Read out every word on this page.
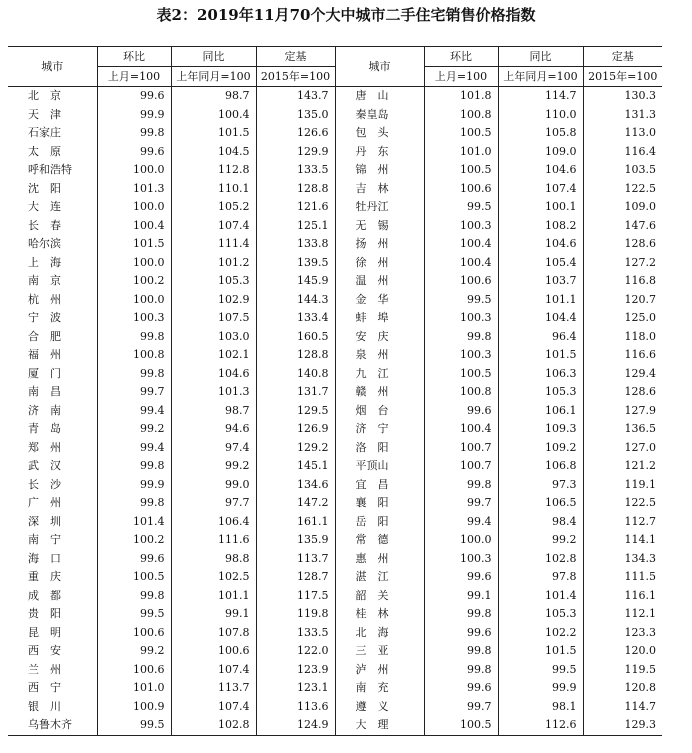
表2：2019年11月70个大中城市二手住宅销售价格指数
城市	环比	同比	定基	城市	环比	同比	定基
	上月=100	上年同月=100	2015年=100		上月=100	上年同月=100	2015年=100
北　京	99.6	98.7	143.7	唐　山	101.8	114.7	130.3
天　津	99.9	100.4	135.0	秦皇岛	100.8	110.0	131.3
石家庄	99.8	101.5	126.6	包　头	100.5	105.8	113.0
太　原	99.6	104.5	129.9	丹　东	101.0	109.0	116.4
呼和浩特	100.0	112.8	133.5	锦　州	100.5	104.6	103.5
沈　阳	101.3	110.1	128.8	吉　林	100.6	107.4	122.5
大　连	100.0	105.2	121.6	牡丹江	99.5	100.1	109.0
长　春	100.4	107.4	125.1	无　锡	100.3	108.2	147.6
哈尔滨	101.5	111.4	133.8	扬　州	100.4	104.6	128.6
上　海	100.0	101.2	139.5	徐　州	100.4	105.4	127.2
南　京	100.2	105.3	145.9	温　州	100.6	103.7	116.8
杭　州	100.0	102.9	144.3	金　华	99.5	101.1	120.7
宁　波	100.3	107.5	133.4	蚌　埠	100.3	104.4	125.0
合　肥	99.8	103.0	160.5	安　庆	99.8	96.4	118.0
福　州	100.8	102.1	128.8	泉　州	100.3	101.5	116.6
厦　门	99.8	104.6	140.8	九　江	100.5	106.3	129.4
南　昌	99.7	101.3	131.7	赣　州	100.8	105.3	128.6
济　南	99.4	98.7	129.5	烟　台	99.6	106.1	127.9
青　岛	99.2	94.6	126.9	济　宁	100.4	109.3	136.5
郑　州	99.4	97.4	129.2	洛　阳	100.7	109.2	127.0
武　汉	99.8	99.2	145.1	平顶山	100.7	106.8	121.2
长　沙	99.9	99.0	134.6	宜　昌	99.8	97.3	119.1
广　州	99.8	97.7	147.2	襄　阳	99.7	106.5	122.5
深　圳	101.4	106.4	161.1	岳　阳	99.4	98.4	112.7
南　宁	100.2	111.6	135.9	常　德	100.0	99.2	114.1
海　口	99.6	98.8	113.7	惠　州	100.3	102.8	134.3
重　庆	100.5	102.5	128.7	湛　江	99.6	97.8	111.5
成　都	99.8	101.1	117.5	韶　关	99.1	101.4	116.1
贵　阳	99.5	99.1	119.8	桂　林	99.8	105.3	112.1
昆　明	100.6	107.8	133.5	北　海	99.6	102.2	123.3
西　安	99.2	100.6	122.0	三　亚	99.8	101.5	120.0
兰　州	100.6	107.4	123.9	泸　州	99.8	99.5	119.5
西　宁	101.0	113.7	123.1	南　充	99.6	99.9	120.8
银　川	100.9	107.4	113.6	遵　义	99.7	98.1	114.7
乌鲁木齐	99.5	102.8	124.9	大　理	100.5	112.6	129.3
